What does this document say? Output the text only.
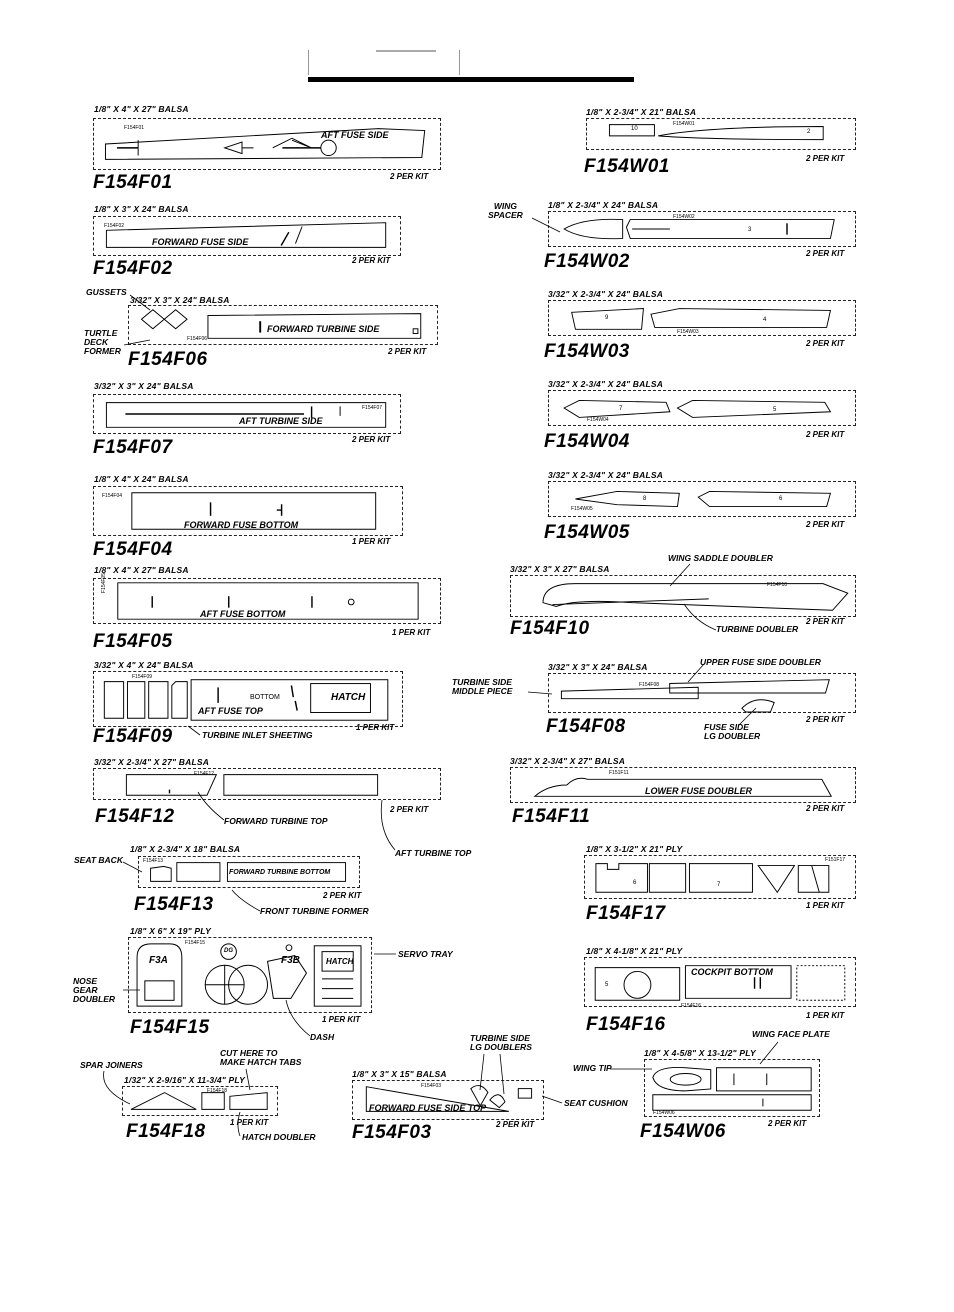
1/8" X 4" X 27" BALSA
F154F01
AFT FUSE SIDE
F154F01	2 PER KIT
1/8" X 3" X 24" BALSA
F154F02
FORWARD FUSE SIDE
F154F02	2 PER KIT
3/32" X 3" X 24" BALSA
F154F06
FORWARD TURBINE SIDE
F154F06	2 PER KIT
GUSSETS
TURTLE
DECK
FORMER
3/32" X 3" X 24" BALSA
F154F07
AFT TURBINE SIDE
F154F07	2 PER KIT
1/8" X 4" X 24" BALSA
F154F04
FORWARD FUSE BOTTOM
F154F04	1 PER KIT
1/8" X 4" X 27" BALSA
F154F05
AFT FUSE BOTTOM
F154F05	1 PER KIT
3/32" X 4" X 24" BALSA
F154F09
BOTTOM	HATCH
AFT FUSE TOP
F154F09	1 PER KIT
TURBINE INLET SHEETING
3/32" X 2-3/4" X 27" BALSA
F154F12
F154F12	2 PER KIT
FORWARD TURBINE TOP
AFT TURBINE TOP
1/8" X 2-3/4" X 18" BALSA
F154F13
FORWARD TURBINE BOTTOM
F154F13	2 PER KIT
SEAT BACK
FRONT TURBINE FORMER
1/8" X 6" X 19" PLY
F154F15
F3A
DG
F3B	HATCH
F154F15	1 PER KIT
SERVO TRAY
NOSE
GEAR
DOUBLER
DASH
1/32" X 2-9/16" X 11-3/4" PLY
F154F18
F154F18	1 PER KIT
SPAR JOINERS
CUT HERE TO
MAKE HATCH TABS
HATCH DOUBLER
1/8" X 3" X 15" BALSA
F154F03
FORWARD FUSE SIDE TOP
F154F03	2 PER KIT
TURBINE SIDE
LG DOUBLERS
1/8" X 2-3/4" X 21" BALSA
F154W01
10	2
F154W01	2 PER KIT
1/8" X 2-3/4" X 24" BALSA
F154W02
3
F154W02	2 PER KIT
WING
SPACER
3/32" X 2-3/4" X 24" BALSA
F154W03
9	4
F154W03	2 PER KIT
3/32" X 2-3/4" X 24" BALSA
F154W04
7	5
F154W04	2 PER KIT
3/32" X 2-3/4" X 24" BALSA
F154W05
8	6
F154W05	2 PER KIT
3/32" X 3" X 27" BALSA
F154F10
F154F10	2 PER KIT
WING SADDLE DOUBLER
TURBINE DOUBLER
3/32" X 3" X 24" BALSA
F154F08
F154F08	2 PER KIT
UPPER FUSE SIDE DOUBLER
TURBINE SIDE
MIDDLE PIECE
FUSE SIDE
LG DOUBLER
3/32" X 2-3/4" X 27" BALSA
F151F11
LOWER FUSE DOUBLER
F154F11	2 PER KIT
1/8" X 3-1/2" X 21" PLY
F151F17
6	7
F154F17	1 PER KIT
1/8" X 4-1/8" X 21" PLY
F154F16
COCKPIT BOTTOM
5
F154F16	1 PER KIT
WING FACE PLATE
1/8" X 4-5/8" X 13-1/2" PLY
F154W06
F154W06	2 PER KIT
WING TIP
SEAT CUSHION
